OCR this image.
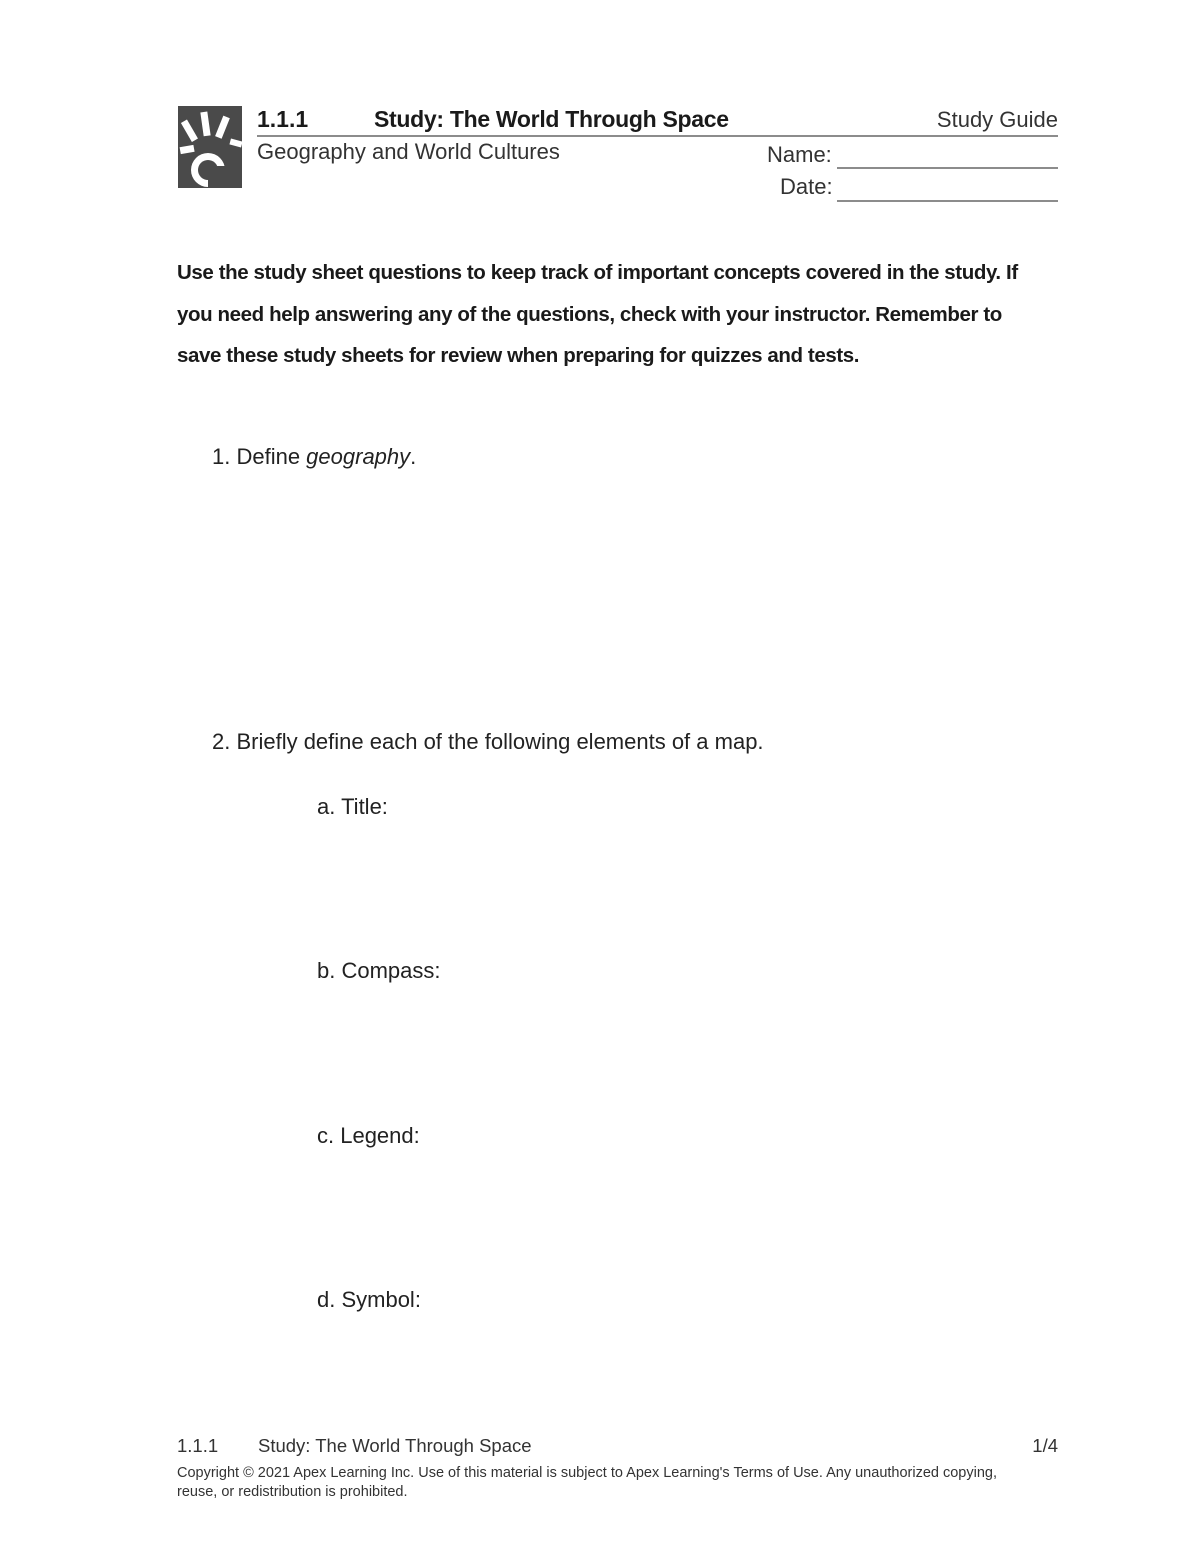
1.1.1	Study: The World Through Space	Study Guide
Geography and World Cultures	Name:
Date:
Use the study sheet questions to keep track of important concepts covered in the study. If you need help answering any of the questions, check with your instructor. Remember to save these study sheets for review when preparing for quizzes and tests.
1. Define geography.
2. Briefly define each of the following elements of a map.
a. Title:
b. Compass:
c. Legend:
d. Symbol:
1.1.1 Study: The World Through Space	1/4
Copyright © 2021 Apex Learning Inc. Use of this material is subject to Apex Learning's Terms of Use. Any unauthorized copying, reuse, or redistribution is prohibited.
